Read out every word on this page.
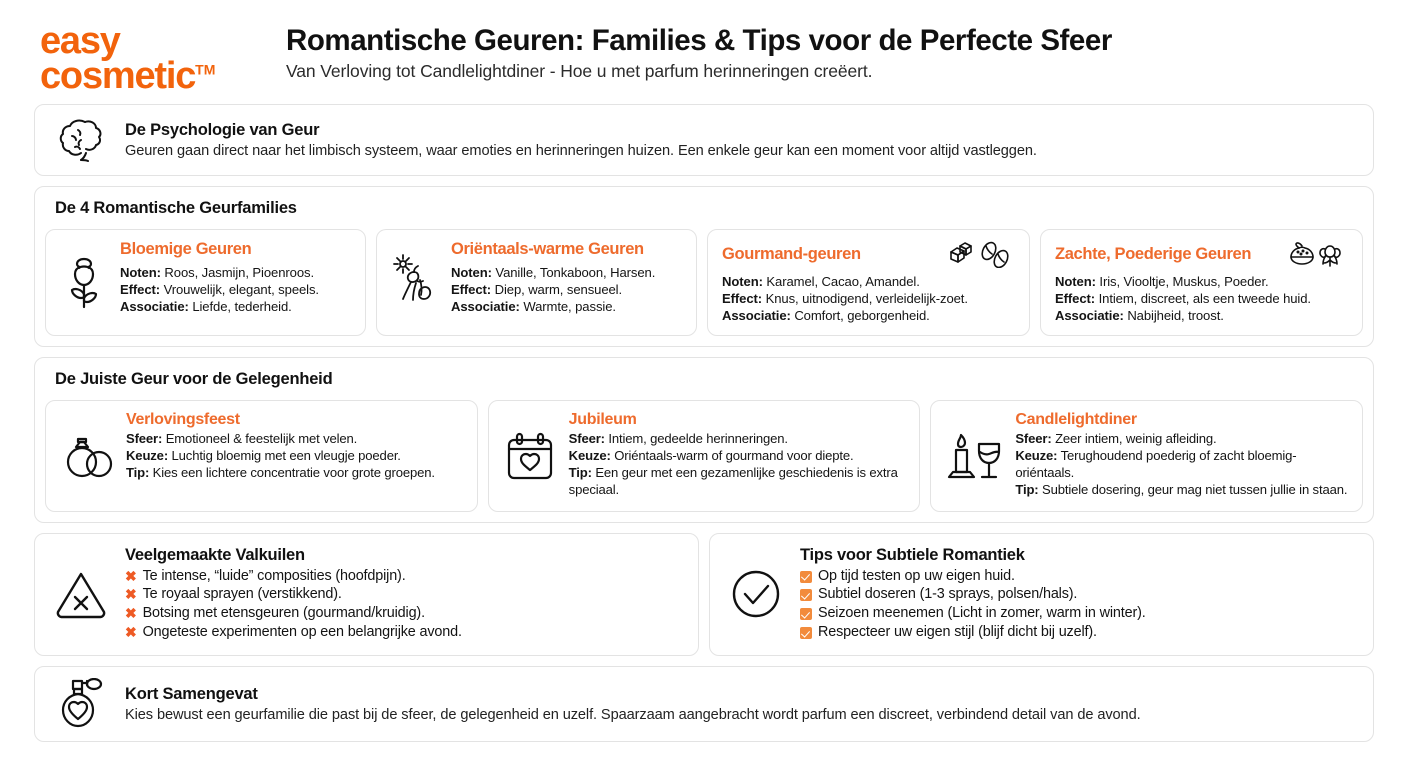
easy
cosmetic™
Romantische Geuren: Families & Tips voor de Perfecte Sfeer
Van Verloving tot Candlelightdiner - Hoe u met parfum herinneringen creëеrt.
De Psychologie van Geur
Geuren gaan direct naar het limbisch systeem, waar emoties en herinneringen huizen. Een enkele geur kan een moment voor altijd vastleggen.
De 4 Romantische Geurfamilies
Bloemige Geuren
Noten: Roos, Jasmijn, Pioenroos.
Effect: Vrouwelijk, elegant, speels.
Associatie: Liefde, tederheid.
Oriëntaals-warme Geuren
Noten: Vanille, Tonkaboon, Harsen.
Effect: Diep, warm, sensueel.
Associatie: Warmte, passie.
Gourmand-geuren
Noten: Karamel, Cacao, Amandel.
Effect: Knus, uitnodigend, verleidelijk-zoet.
Associatie: Comfort, geborgenheid.
Zachte, Poederige Geuren
Noten: Iris, Viooltje, Muskus, Poeder.
Effect: Intiem, discreet, als een tweede huid.
Associatie: Nabijheid, troost.
De Juiste Geur voor de Gelegenheid
Verlovingsfeest
Sfeer: Emotioneel & feestelijk met velen.
Keuze: Luchtig bloemig met een vleugje poeder.
Tip: Kies een lichtere concentratie voor grote groepen.
Jubileum
Sfeer: Intiem, gedeelde herinneringen.
Keuze: Oriéntaals-warm of gourmand voor diepte.
Tip: Een geur met een gezamenlijke geschiedenis is extra speciaal.
Candlelightdiner
Sfeer: Zeer intiem, weinig afleiding.
Keuze: Terughoudend poederig of zacht bloemig-oriéntaals.
Tip: Subtiele dosering, geur mag niet tussen jullie in staan.
Veelgemaakte Valkuilen
✖ Te intense, “luide” composities (hoofdpijn).
✖ Te royaal sprayen (verstikkend).
✖ Botsing met etensgeuren (gourmand/kruidig).
✖ Ongeteste experimenten op een belangrijke avond.
Tips voor Subtiele Romantiek
Op tijd testen op uw eigen huid.
Subtiel doseren (1-3 sprays, polsen/hals).
Seizoen meenemen (Licht in zomer, warm in winter).
Respecteer uw eigen stijl (blijf dicht bij uzelf).
Kort Samengevat
Kies bewust een geurfamilie die past bij de sfeer, de gelegenheid en uzelf. Spaarzaam aangebracht wordt parfum een discreet, verbindend detail van de avond.
